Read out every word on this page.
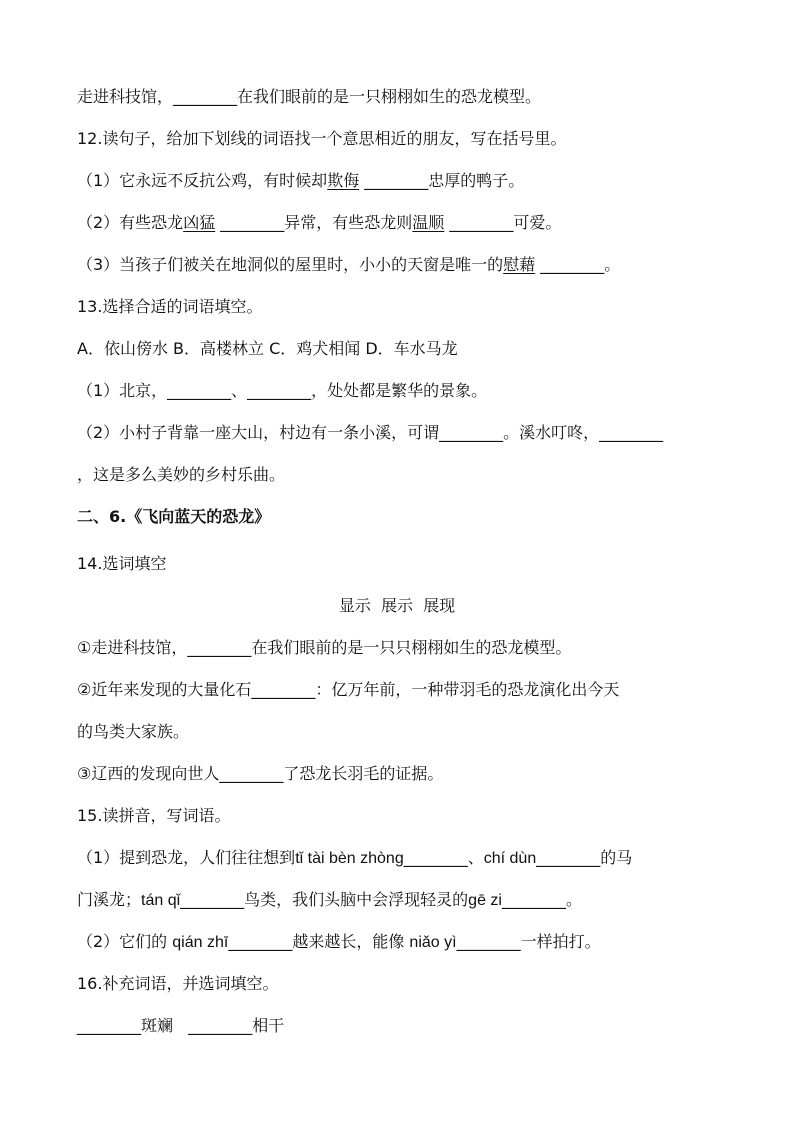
走进科技馆，________在我们眼前的是一只栩栩如生的恐龙模型。
12.读句子，给加下划线的词语找一个意思相近的朋友，写在括号里。
（1）它永远不反抗公鸡，有时候却欺侮 ________忠厚的鸭子。
（2）有些恐龙凶猛 ________异常，有些恐龙则温顺 ________可爱。
（3）当孩子们被关在地洞似的屋里时，小小的天窗是唯一的慰藉 ________。
13.选择合适的词语填空。
A．依山傍水 B．高楼林立 C．鸡犬相闻 D．车水马龙
（1）北京，________、________，处处都是繁华的景象。
（2）小村子背靠一座大山，村边有一条小溪，可谓________。溪水叮咚，________
，这是多么美妙的乡村乐曲。
二、6.《飞向蓝天的恐龙》
14.选词填空
显示  展示  展现
①走进科技馆，________在我们眼前的是一只只栩栩如生的恐龙模型。
②近年来发现的大量化石________：亿万年前，一种带羽毛的恐龙演化出今天
的鸟类大家族。
③辽西的发现向世人________了恐龙长羽毛的证据。
15.读拼音，写词语。
（1）提到恐龙，人们往往想到tǐ tài bèn zhòng________、chí dùn________的马
门溪龙；tán qǐ________鸟类，我们头脑中会浮现轻灵的gē zi________。
（2）它们的 qián zhī________越来越长，能像 niǎo yì________一样拍打。
16.补充词语，并选词填空。
________斑斓   ________相干
